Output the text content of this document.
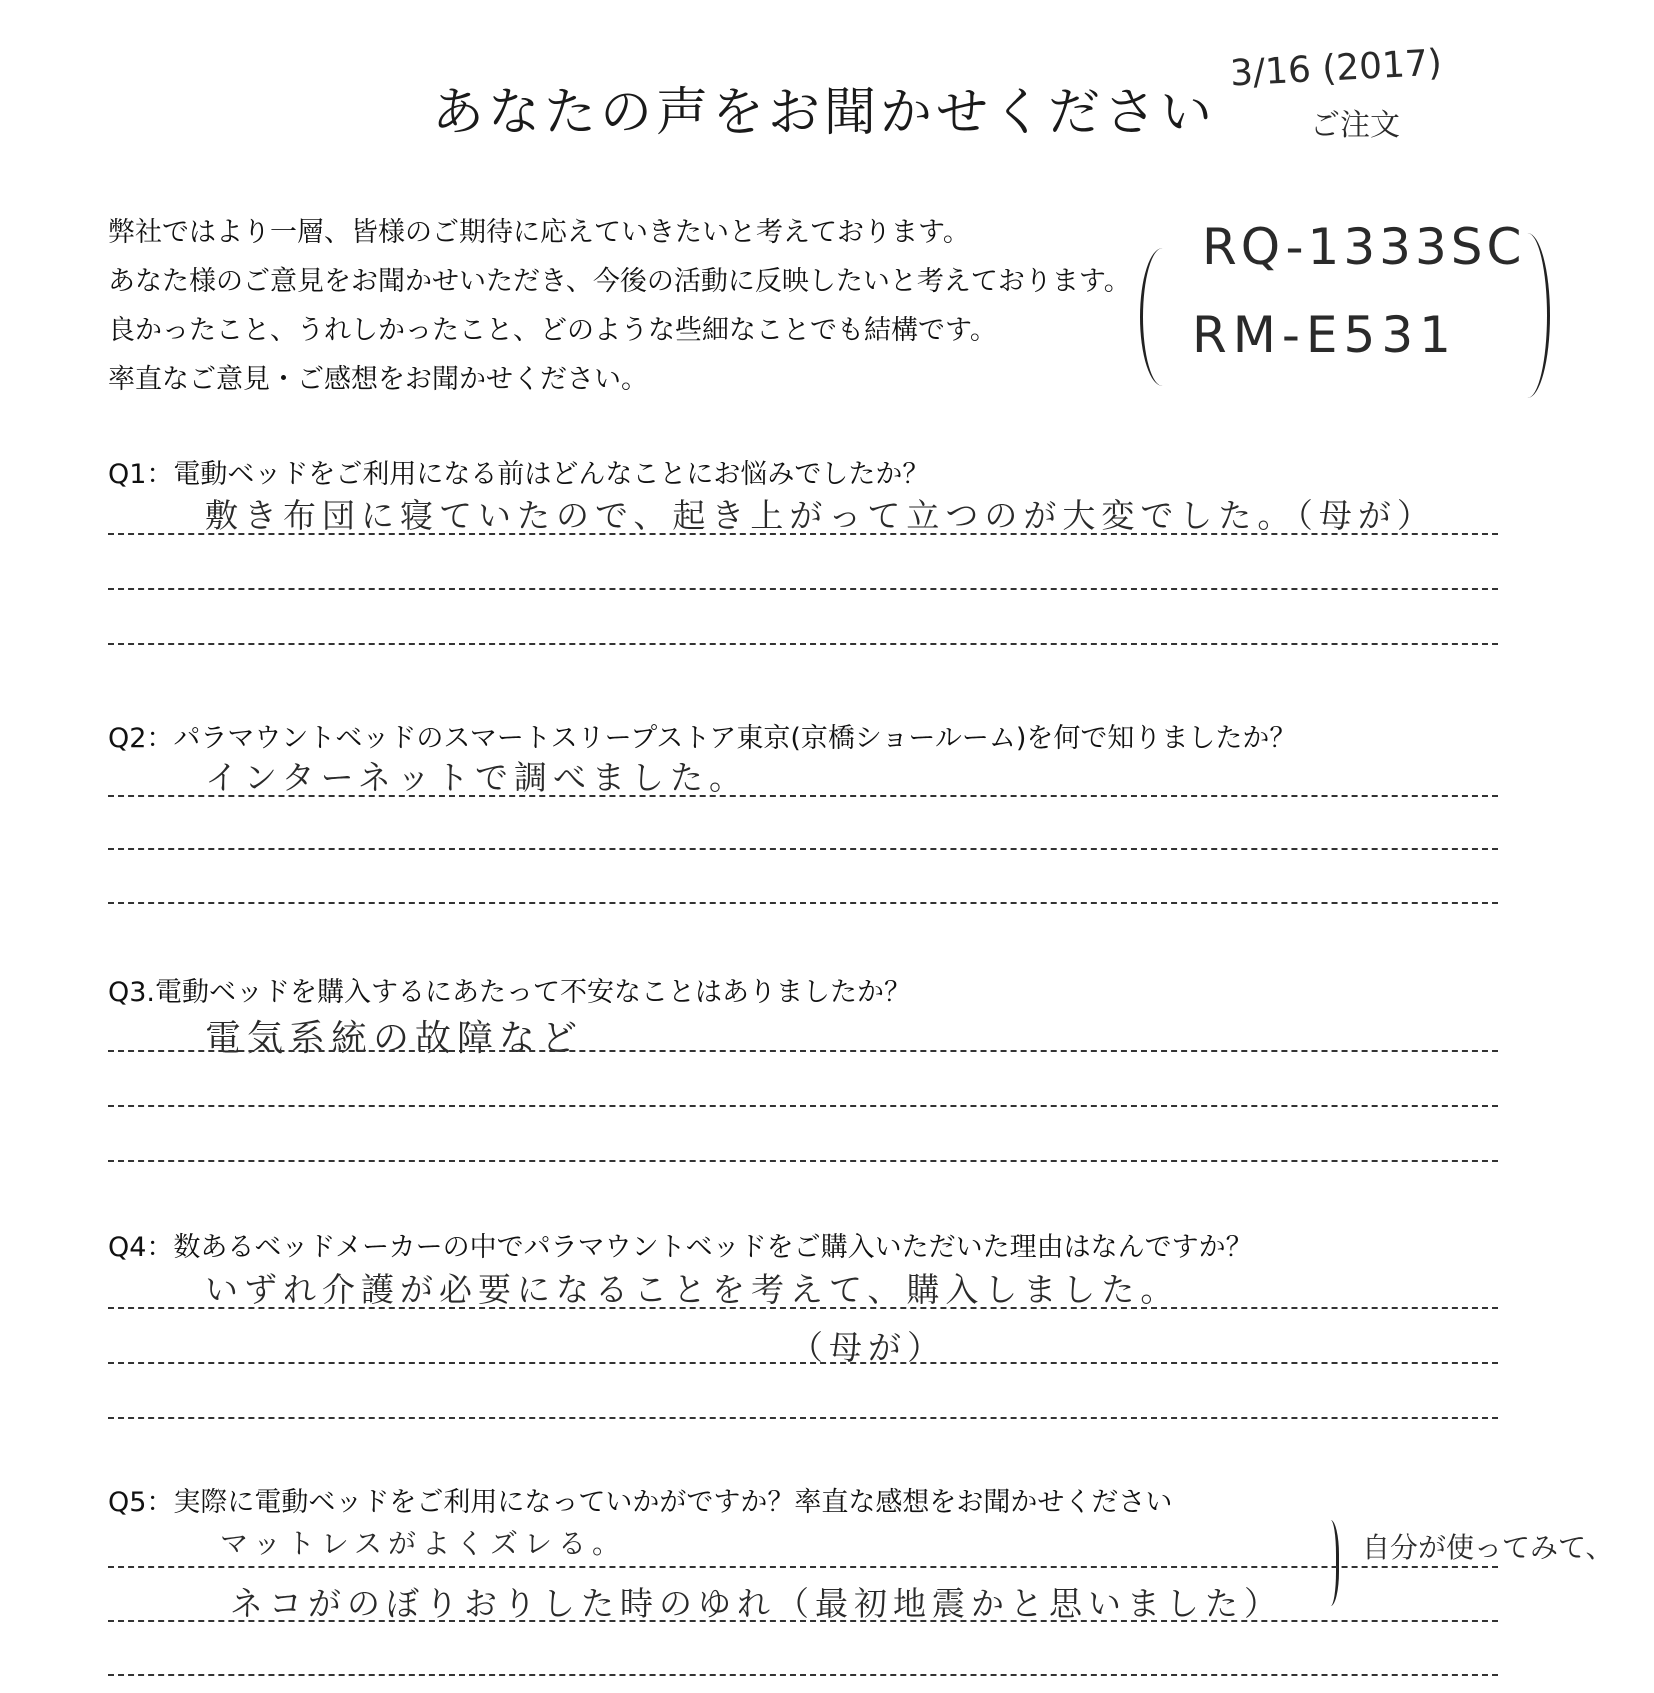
あなたの声をお聞かせください
3/16 (2017)
ご注文

弊社ではより一層、皆様のご期待に応えていきたいと考えております。

あなた様のご意見をお聞かせいただき、今後の活動に反映したいと考えております。

良かったこと、うれしかったこと、どのような些細なことでも結構です。

率直なご意見・ご感想をお聞かせください。

RQ-1333SC
RM-E531
Q1：電動ベッドをご利用になる前はどんなことにお悩みでしたか？
敷き布団に寝ていたので、起き上がって立つのが大変でした。（母が）
Q2：パラマウントベッドのスマートスリープストア東京(京橋ショールーム)を何で知りましたか？
インターネットで調べました。
Q3.電動ベッドを購入するにあたって不安なことはありましたか？
電気系統の故障など
Q4：数あるベッドメーカーの中でパラマウントベッドをご購入いただいた理由はなんですか？
いずれ介護が必要になることを考えて、購入しました。
（母が）
Q5：実際に電動ベッドをご利用になっていかがですか？率直な感想をお聞かせください
マットレスがよくズレる。
ネコがのぼりおりした時のゆれ（最初地震かと思いました）
自分が使ってみて、
